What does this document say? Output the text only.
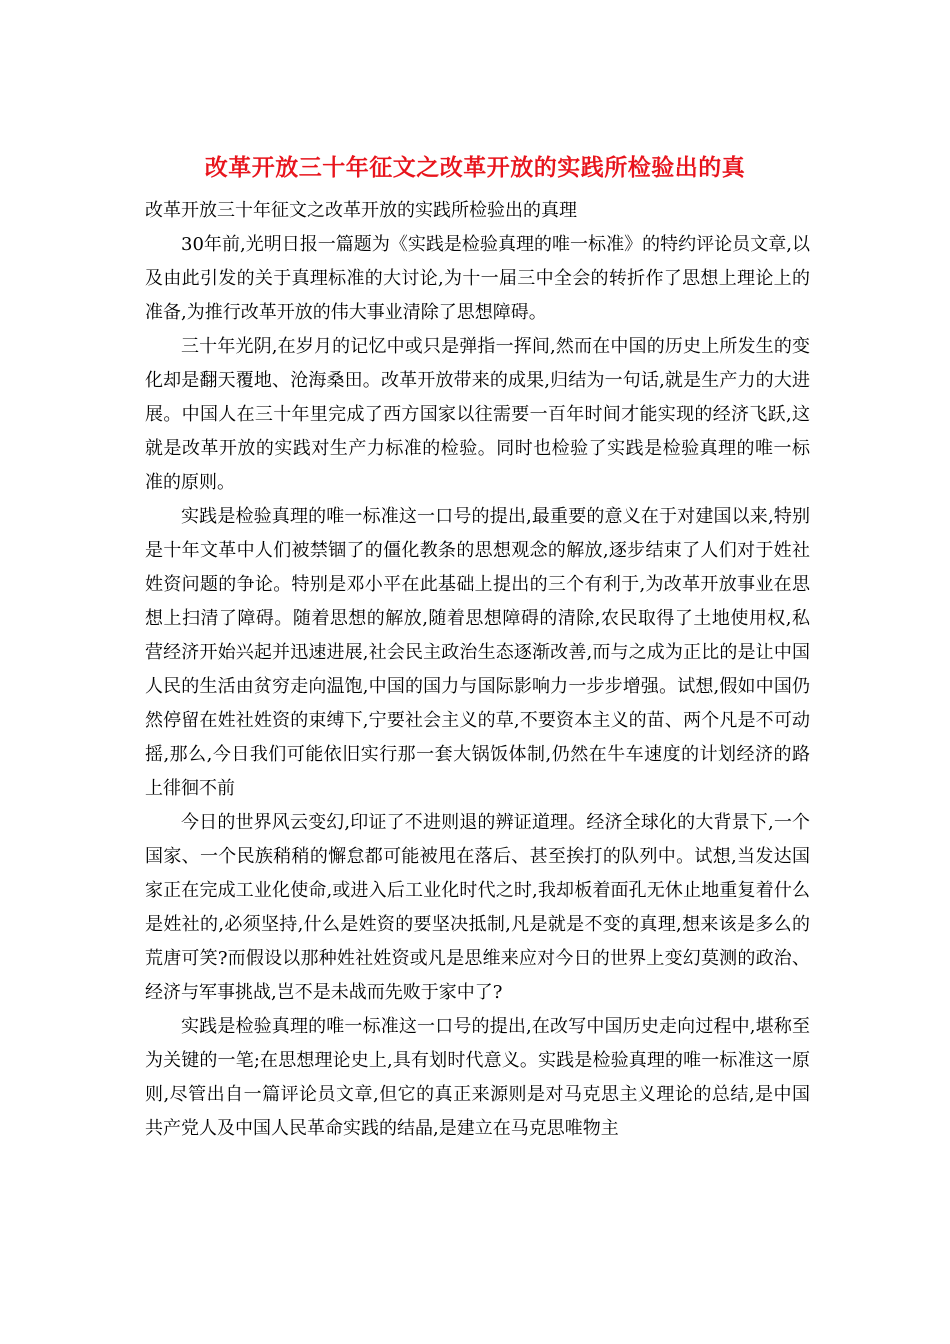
改革开放三十年征文之改革开放的实践所检验出的真
改革开放三十年征文之改革开放的实践所检验出的真理

30年前,光明日报一篇题为《实践是检验真理的唯一标准》的特约评论员文章,以及由此引发的关于真理标准的大讨论,为十一届三中全会的转折作了思想上理论上的准备,为推行改革开放的伟大事业清除了思想障碍。

三十年光阴,在岁月的记忆中或只是弹指一挥间,然而在中国的历史上所发生的变化却是翻天覆地、沧海桑田。改革开放带来的成果,归结为一句话,就是生产力的大进展。中国人在三十年里完成了西方国家以往需要一百年时间才能实现的经济飞跃,这就是改革开放的实践对生产力标准的检验。同时也检验了实践是检验真理的唯一标准的原则。

实践是检验真理的唯一标准这一口号的提出,最重要的意义在于对建国以来,特别是十年文革中人们被禁锢了的僵化教条的思想观念的解放,逐步结束了人们对于姓社姓资问题的争论。特别是邓小平在此基础上提出的三个有利于,为改革开放事业在思想上扫清了障碍。随着思想的解放,随着思想障碍的清除,农民取得了土地使用权,私营经济开始兴起并迅速进展,社会民主政治生态逐渐改善,而与之成为正比的是让中国人民的生活由贫穷走向温饱,中国的国力与国际影响力一步步增强。试想,假如中国仍然停留在姓社姓资的束缚下,宁要社会主义的草,不要资本主义的苗、两个凡是不可动摇,那么,今日我们可能依旧实行那一套大锅饭体制,仍然在牛车速度的计划经济的路上徘徊不前

今日的世界风云变幻,印证了不进则退的辨证道理。经济全球化的大背景下,一个国家、一个民族稍稍的懈怠都可能被甩在落后、甚至挨打的队列中。试想,当发达国家正在完成工业化使命,或进入后工业化时代之时,我却板着面孔无休止地重复着什么是姓社的,必须坚持,什么是姓资的要坚决抵制,凡是就是不变的真理,想来该是多么的荒唐可笑?而假设以那种姓社姓资或凡是思维来应对今日的世界上变幻莫测的政治、经济与军事挑战,岂不是未战而先败于家中了?

实践是检验真理的唯一标准这一口号的提出,在改写中国历史走向过程中,堪称至为关键的一笔;在思想理论史上,具有划时代意义。实践是检验真理的唯一标准这一原则,尽管出自一篇评论员文章,但它的真正来源则是对马克思主义理论的总结,是中国共产党人及中国人民革命实践的结晶,是建立在马克思唯物主
